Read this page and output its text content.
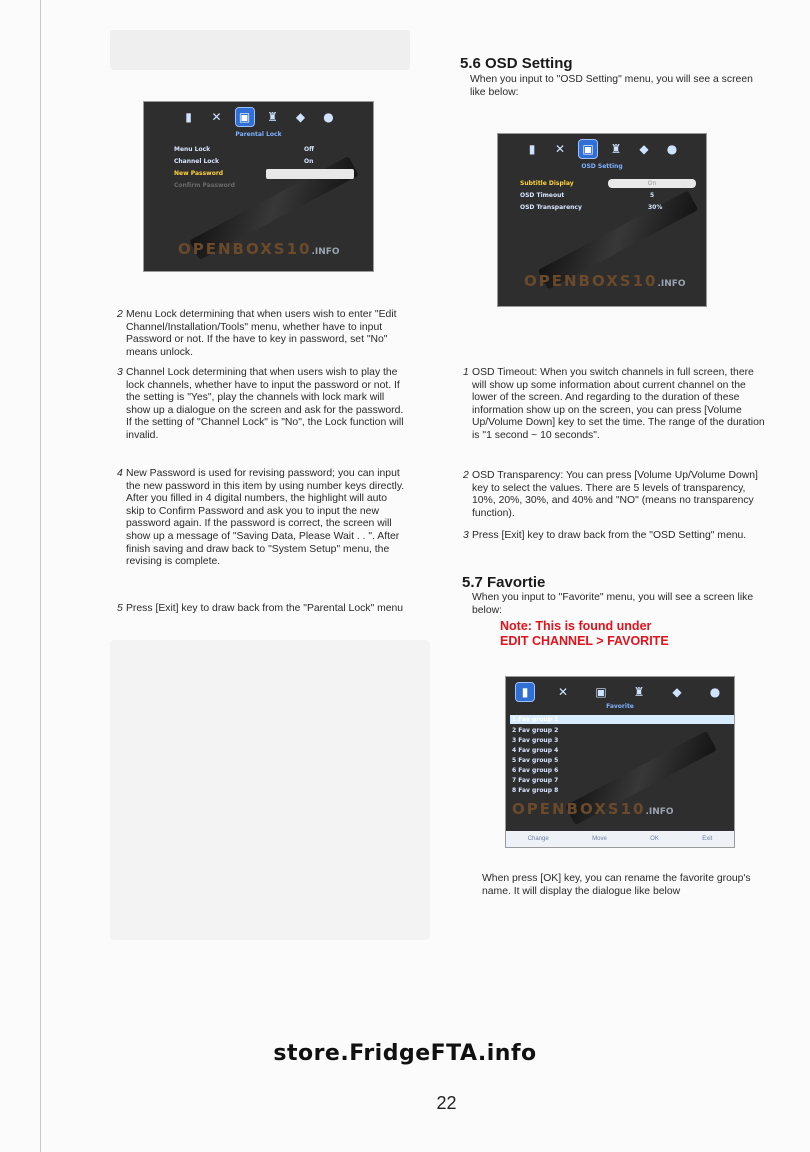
▮	✕	▣	♜	◆	●
Parental Lock
Menu Lock	Off
Channel Lock	On
New Password
Confirm Password
OPENBOXS10.INFO
▮	✕	▣	♜	◆	●
OSD Setting
Subtitle Display	On
OSD Timeout	5
OSD Transparency	30%
OPENBOXS10.INFO
5.6 OSD Setting
When you input to "OSD Setting" menu, you will see a screen like below:
1 OSD Timeout: When you switch channels in full screen, there will show up some information about current channel on the lower of the screen. And regarding to the duration of these information show up on the screen, you can press [Volume Up/Volume Down] key to set the time. The range of the duration is "1 second ~ 10 seconds".
2 OSD Transparency: You can press [Volume Up/Volume Down] key to select the values. There are 5 levels of transparency, 10%, 20%, 30%, and 40% and "NO" (means no transparency function).
3 Press [Exit] key to draw back from the "OSD Setting" menu.
5.7 Favortie
When you input to "Favorite" menu, you will see a screen like below:
Note: This is found under
EDIT CHANNEL > FAVORITE
▮	✕	▣	♜	◆	●
Favorite
1 Fav group 1
2 Fav group 2
3 Fav group 3
4 Fav group 4
5 Fav group 5
6 Fav group 6
7 Fav group 7
8 Fav group 8
OPENBOXS10.INFO
Change	Move	OK	Exit
When press [OK] key, you can rename the favorite group's name. It will display the dialogue like below
2 Menu Lock determining that when users wish to enter "Edit Channel/Installation/Tools" menu, whether have to input Password or not. If the have to key in password, set "No" means unlock.
3 Channel Lock determining that when users wish to play the lock channels, whether have to input the password or not. If the setting is "Yes", play the channels with lock mark will show up a dialogue on the screen and ask for the password. If the setting of "Channel Lock" is "No", the Lock function will invalid.
4 New Password is used for revising password; you can input the new password in this item by using number keys directly. After you filled in 4 digital numbers, the highlight will auto skip to Confirm Password and ask you to input the new password again. If the password is correct, the screen will show up a message of "Saving Data, Please Wait . . ". After finish saving and draw back to "System Setup" menu, the revising is complete.
5 Press [Exit] key to draw back from the "Parental Lock" menu
store.FridgeFTA.info
22
